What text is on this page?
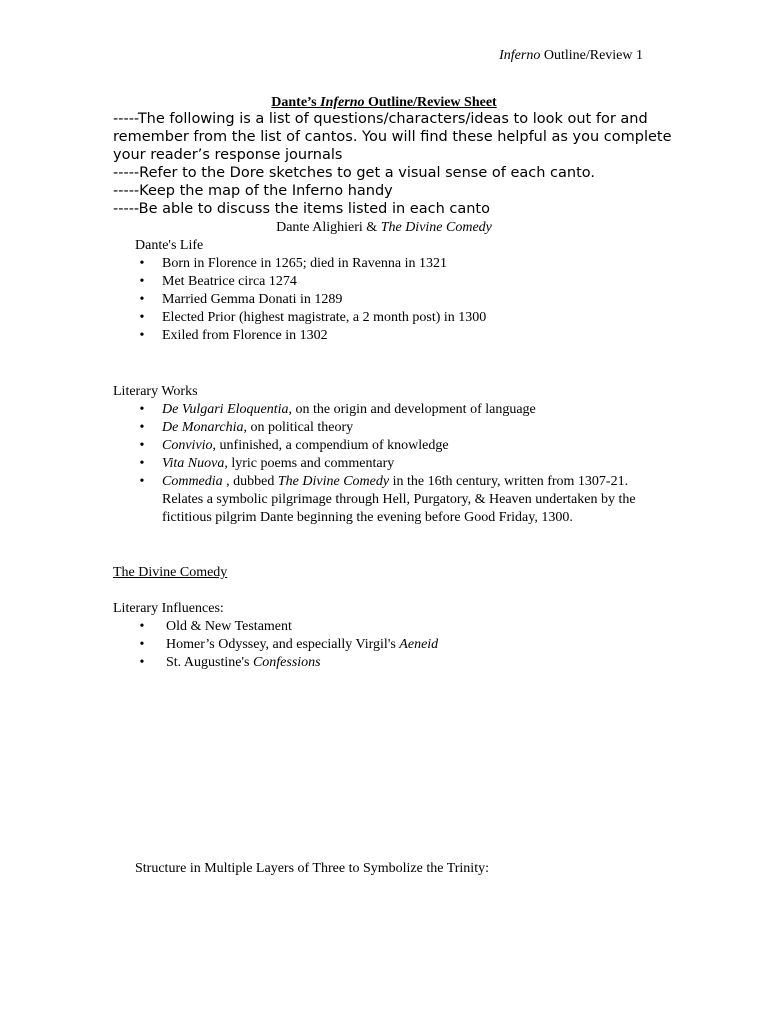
Inferno Outline/Review 1
Dante’s Inferno Outline/Review Sheet

-----The following is a list of questions/characters/ideas to look out for and remember from the list of cantos. You will find these helpful as you complete your reader’s response journals

-----Refer to the Dore sketches to get a visual sense of each canto.

-----Keep the map of the Inferno handy

-----Be able to discuss the items listed in each canto

Dante Alighieri & The Divine Comedy
Dante's Life
•	Born in Florence in 1265; died in Ravenna in 1321
•	Met Beatrice circa 1274
•	Married Gemma Donati in 1289
•	Elected Prior (highest magistrate, a 2 month post) in 1300
•	Exiled from Florence in 1302
Literary Works
•	De Vulgari Eloquentia, on the origin and development of language
•	De Monarchia, on political theory
•	Convivio, unfinished, a compendium of knowledge
•	Vita Nuova, lyric poems and commentary
•	Commedia , dubbed The Divine Comedy in the 16th century, written from 1307-21. Relates a symbolic pilgrimage through Hell, Purgatory, & Heaven undertaken by the fictitious pilgrim Dante beginning the evening before Good Friday, 1300.
The Divine Comedy
Literary Influences:
•	Old & New Testament
•	Homer’s Odyssey, and especially Virgil's Aeneid
•	St. Augustine's Confessions
Structure in Multiple Layers of Three to Symbolize the Trinity:
